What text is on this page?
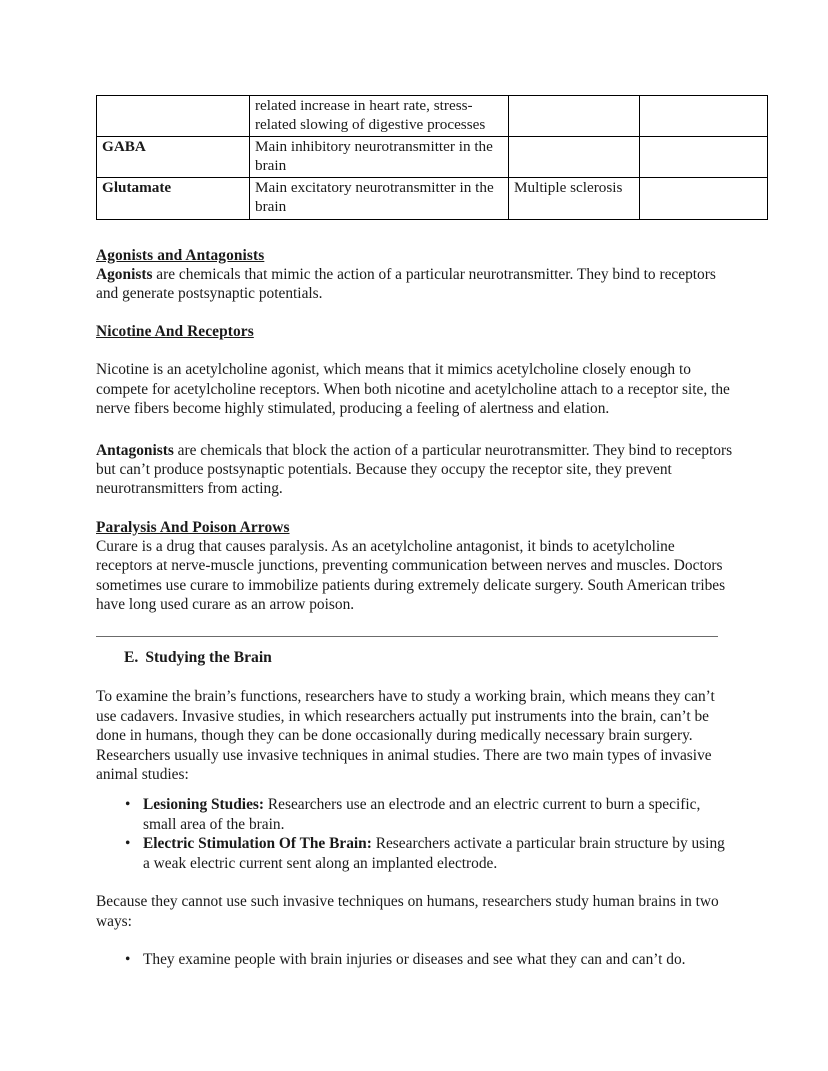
	related increase in heart rate, stress-related slowing of digestive processes		
GABA	Main inhibitory neurotransmitter in the brain		
Glutamate	Main excitatory neurotransmitter in the brain	Multiple sclerosis	
Agonists and Antagonists

Agonists are chemicals that mimic the action of a particular neurotransmitter. They bind to receptors and generate postsynaptic potentials.

Nicotine And Receptors

Nicotine is an acetylcholine agonist, which means that it mimics acetylcholine closely enough to compete for acetylcholine receptors. When both nicotine and acetylcholine attach to a receptor site, the nerve fibers become highly stimulated, producing a feeling of alertness and elation.

Antagonists are chemicals that block the action of a particular neurotransmitter. They bind to receptors but can’t produce postsynaptic potentials. Because they occupy the receptor site, they prevent neurotransmitters from acting.

Paralysis And Poison Arrows

Curare is a drug that causes paralysis. As an acetylcholine antagonist, it binds to acetylcholine receptors at nerve-muscle junctions, preventing communication between nerves and muscles. Doctors sometimes use curare to immobilize patients during extremely delicate surgery. South American tribes have long used curare as an arrow poison.

E. Studying the Brain

To examine the brain’s functions, researchers have to study a working brain, which means they can’t use cadavers. Invasive studies, in which researchers actually put instruments into the brain, can’t be done in humans, though they can be done occasionally during medically necessary brain surgery. Researchers usually use invasive techniques in animal studies. There are two main types of invasive animal studies:

• Lesioning Studies: Researchers use an electrode and an electric current to burn a specific, small area of the brain.
• Electric Stimulation Of The Brain: Researchers activate a particular brain structure by using a weak electric current sent along an implanted electrode.

Because they cannot use such invasive techniques on humans, researchers study human brains in two ways:

• They examine people with brain injuries or diseases and see what they can and can’t do.
